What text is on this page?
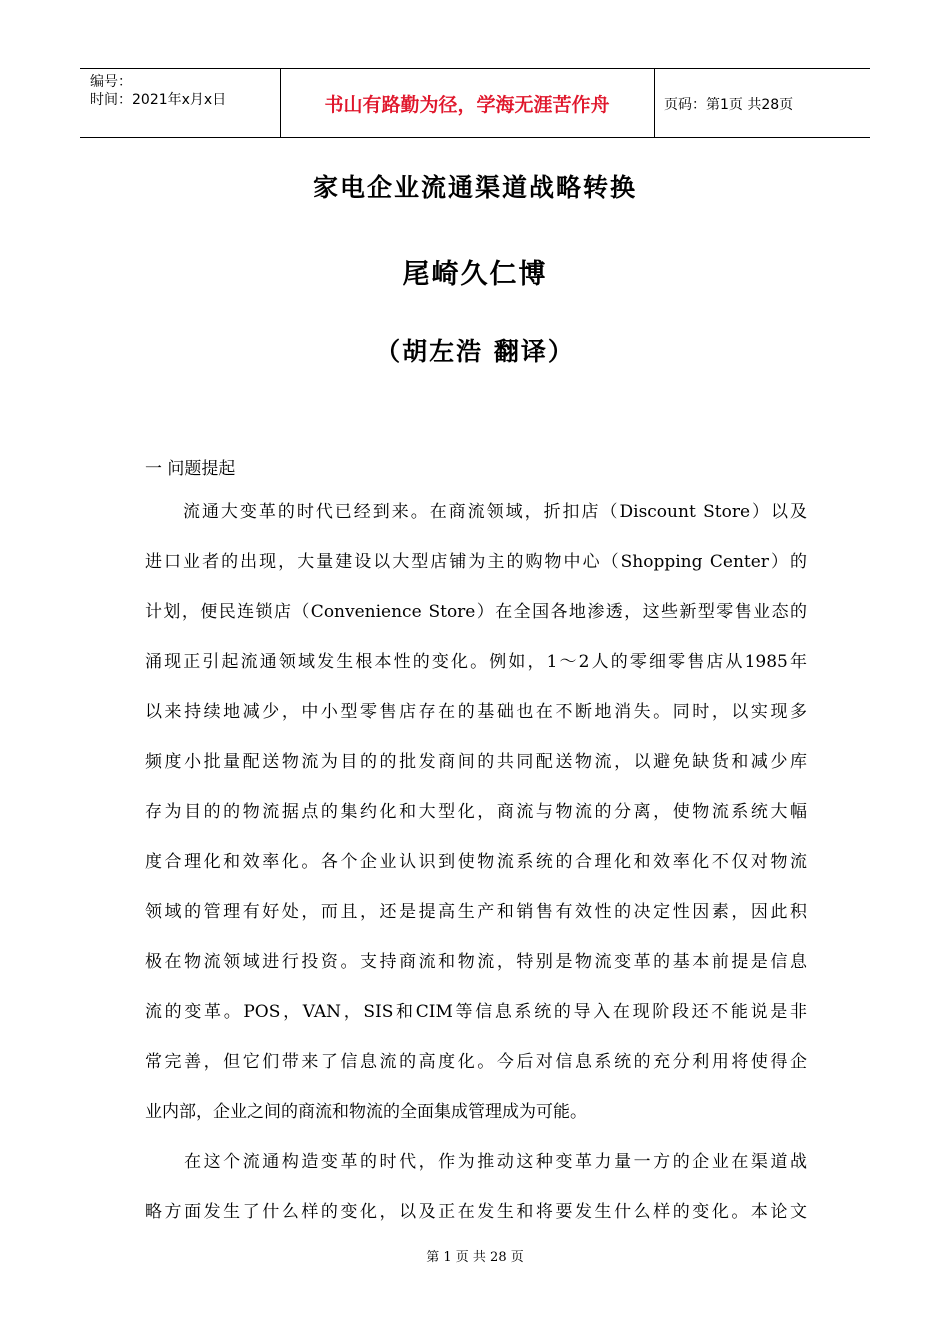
编号：
时间：2021年x月x日	书山有路勤为径，学海无涯苦作舟	页码：第1页 共28页
家电企业流通渠道战略转换
尾崎久仁博
（胡左浩 翻译）
一 问题提起
　　流通大变革的时代已经到来。在商流领域，折扣店（Discount Store）以及
进口业者的出现，大量建设以大型店铺为主的购物中心（Shopping Center）的
计划，便民连锁店（Convenience Store）在全国各地渗透，这些新型零售业态的
涌现正引起流通领域发生根本性的变化。例如，1～2人的零细零售店从1985年
以来持续地减少，中小型零售店存在的基础也在不断地消失。同时，以实现多
频度小批量配送物流为目的的批发商间的共同配送物流，以避免缺货和减少库
存为目的的物流据点的集约化和大型化，商流与物流的分离，使物流系统大幅
度合理化和效率化。各个企业认识到使物流系统的合理化和效率化不仅对物流
领域的管理有好处，而且，还是提高生产和销售有效性的决定性因素，因此积
极在物流领域进行投资。支持商流和物流，特别是物流变革的基本前提是信息
流的变革。POS，VAN，SIS和CIM等信息系统的导入在现阶段还不能说是非
常完善，但它们带来了信息流的高度化。今后对信息系统的充分利用将使得企
业内部，企业之间的商流和物流的全面集成管理成为可能。
　　在这个流通构造变革的时代，作为推动这种变革力量一方的企业在渠道战
略方面发生了什么样的变化，以及正在发生和将要发生什么样的变化。本论文
第 1 页 共 28 页
